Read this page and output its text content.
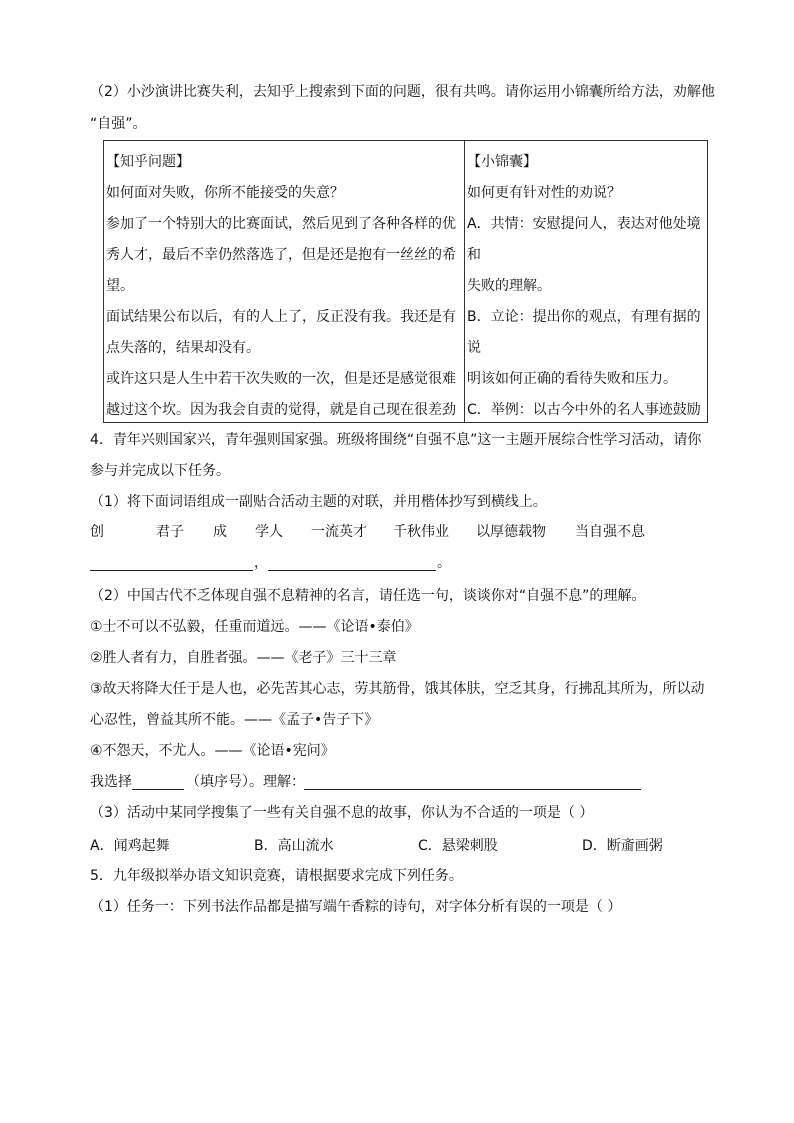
（2）小沙演讲比赛失利，去知乎上搜索到下面的问题，很有共鸣。请你运用小锦囊所给方法，劝解他
“自强”。

【知乎问题】

如何面对失败，你所不能接受的失意？

参加了一个特别大的比赛面试，然后见到了各种各样的优

秀人才，最后不幸仍然落选了，但是还是抱有一丝丝的希

望。

面试结果公布以后，有的人上了，反正没有我。我还是有

点失落的，结果却没有。

或许这只是人生中若干次失败的一次，但是还是感觉很难

越过这个坎。因为我会自责的觉得，就是自己现在很差劲

【小锦囊】

如何更有针对性的劝说？

A．共情：安慰提问人，表达对他处境和

失败的理解。

B．立论：提出你的观点，有理有据的说

明该如何正确的看待失败和压力。

C．举例：以古今中外的名人事迹鼓励

4．青年兴则国家兴，青年强则国家强。班级将围绕“自强不息”这一主题开展综合性学习活动，请你
参与并完成以下任务。
（1）将下面词语组成一副贴合活动主题的对联，并用楷体抄写到横线上。
创	君子 成 学人 一流英才 千秋伟业 以厚德载物 当自强不息
，	。
（2）中国古代不乏体现自强不息精神的名言，请任选一句，谈谈你对“自强不息”的理解。
①士不可以不弘毅，任重而道远。——《论语•泰伯》
②胜人者有力，自胜者强。——《老子》三十三章
③故天将降大任于是人也，必先苦其心志，劳其筋骨，饿其体肤，空乏其身，行拂乱其所为，所以动
心忍性，曾益其所不能。——《孟子•告子下》
④不怨天，不尤人。——《论语•宪问》
我选择	（填序号）。理解：
（3）活动中某同学搜集了一些有关自强不息的故事，你认为不合适的一项是（ ）
A．闻鸡起舞	B．高山流水	C．悬梁刺股	D．断齑画粥
5．九年级拟举办语文知识竞赛，请根据要求完成下列任务。
（1）任务一：下列书法作品都是描写端午香粽的诗句，对字体分析有误的一项是（ ）
